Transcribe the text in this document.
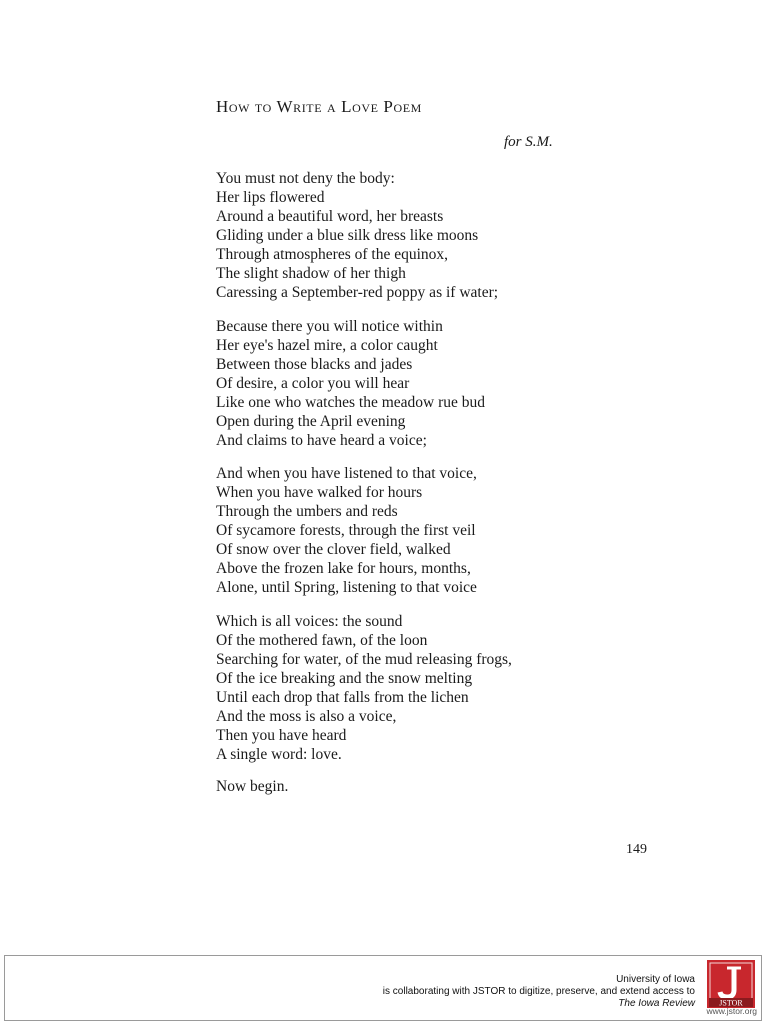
How to Write a Love Poem
for S.M.
You must not deny the body:
Her lips flowered
Around a beautiful word, her breasts
Gliding under a blue silk dress like moons
Through atmospheres of the equinox,
The slight shadow of her thigh
Caressing a September-red poppy as if water;
Because there you will notice within
Her eye's hazel mire, a color caught
Between those blacks and jades
Of desire, a color you will hear
Like one who watches the meadow rue bud
Open during the April evening
And claims to have heard a voice;
And when you have listened to that voice,
When you have walked for hours
Through the umbers and reds
Of sycamore forests, through the first veil
Of snow over the clover field, walked
Above the frozen lake for hours, months,
Alone, until Spring, listening to that voice
Which is all voices: the sound
Of the mothered fawn, of the loon
Searching for water, of the mud releasing frogs,
Of the ice breaking and the snow melting
Until each drop that falls from the lichen
And the moss is also a voice,
Then you have heard
A single word: love.
Now begin.
149
University of Iowa
is collaborating with JSTOR to digitize, preserve, and extend access to
The Iowa Review	JSTOR
www.jstor.org
